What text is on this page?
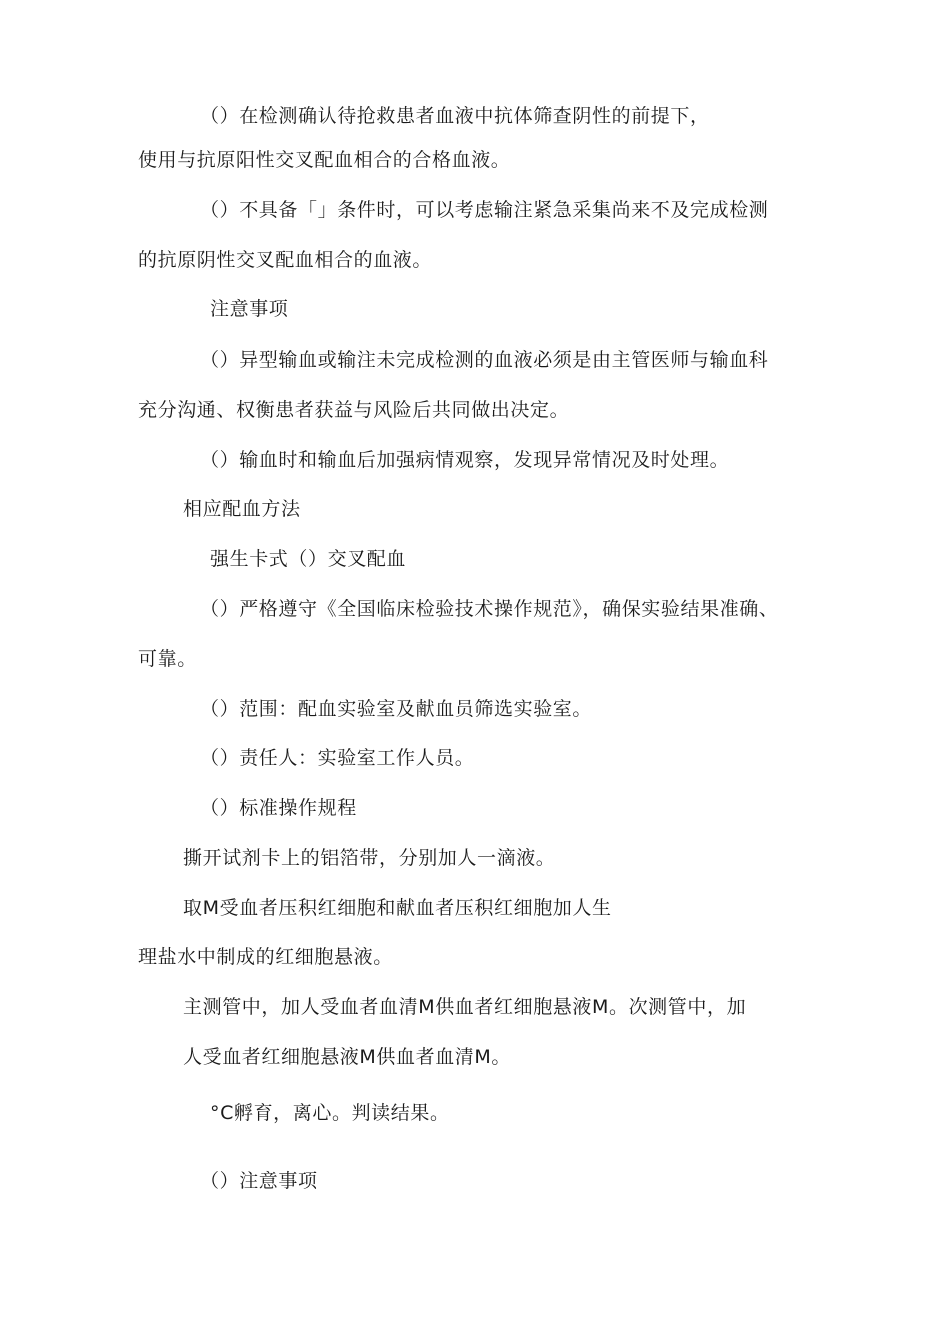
（）在检测确认待抢救患者血液中抗体筛查阴性的前提下，
使用与抗原阳性交叉配血相合的合格血液。
（）不具备「」条件时，可以考虑输注紧急采集尚来不及完成检测
的抗原阴性交叉配血相合的血液。
注意事项
（）异型输血或输注未完成检测的血液必须是由主管医师与输血科
充分沟通、权衡患者获益与风险后共同做出决定。
（）输血时和输血后加强病情观察，发现异常情况及时处理。
相应配血方法
强生卡式（）交叉配血
（）严格遵守《全国临床检验技术操作规范》，确保实验结果准确、
可靠。
（）范围：配血实验室及献血员筛选实验室。
（）责任人：实验室工作人员。
（）标准操作规程
撕开试剂卡上的铝箔带，分别加人一滴液。
取M受血者压积红细胞和献血者压积红细胞加人生
理盐水中制成的红细胞悬液。
主测管中，加人受血者血清M供血者红细胞悬液M。次测管中，加
人受血者红细胞悬液M供血者血清M。
°C孵育，离心。判读结果。
（）注意事项
